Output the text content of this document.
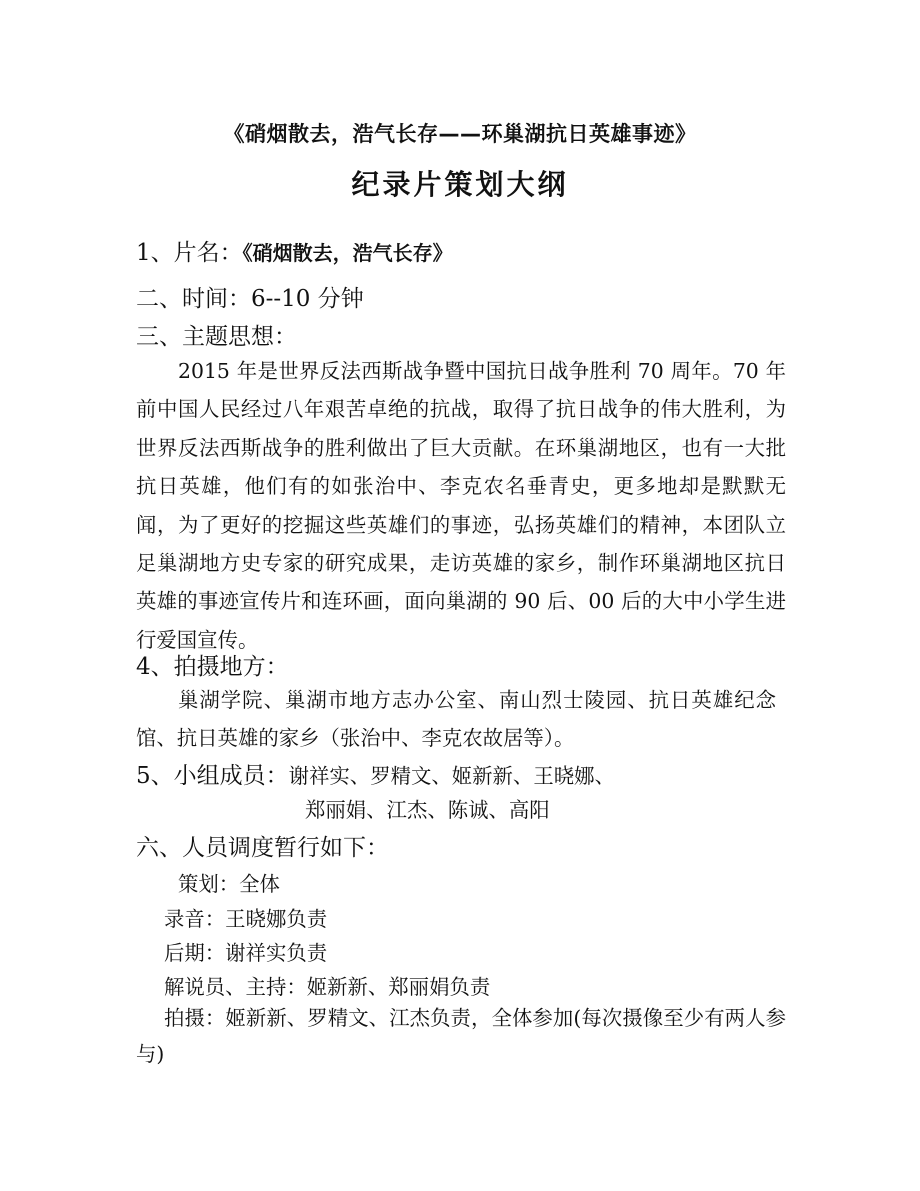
《硝烟散去，浩气长存——环巢湖抗日英雄事迹》
纪录片策划大纲
1、片名：《硝烟散去，浩气长存》
二、时间：6--10 分钟
三、主题思想：
2015 年是世界反法西斯战争暨中国抗日战争胜利 70 周年。70 年前中国人民经过八年艰苦卓绝的抗战，取得了抗日战争的伟大胜利，为世界反法西斯战争的胜利做出了巨大贡献。在环巢湖地区，也有一大批抗日英雄，他们有的如张治中、李克农名垂青史，更多地却是默默无闻，为了更好的挖掘这些英雄们的事迹，弘扬英雄们的精神，本团队立足巢湖地方史专家的研究成果，走访英雄的家乡，制作环巢湖地区抗日英雄的事迹宣传片和连环画，面向巢湖的 90 后、00 后的大中小学生进行爱国宣传。
4、拍摄地方：
巢湖学院、巢湖市地方志办公室、南山烈士陵园、抗日英雄纪念馆、抗日英雄的家乡（张治中、李克农故居等）。
5、小组成员：谢祥实、罗精文、姬新新、王晓娜、
郑丽娟、江杰、陈诚、高阳
六、人员调度暂行如下：
策划：全体
录音：王晓娜负责
后期：谢祥实负责
解说员、主持：姬新新、郑丽娟负责
拍摄：姬新新、罗精文、江杰负责，全体参加(每次摄像至少有两人参与)
